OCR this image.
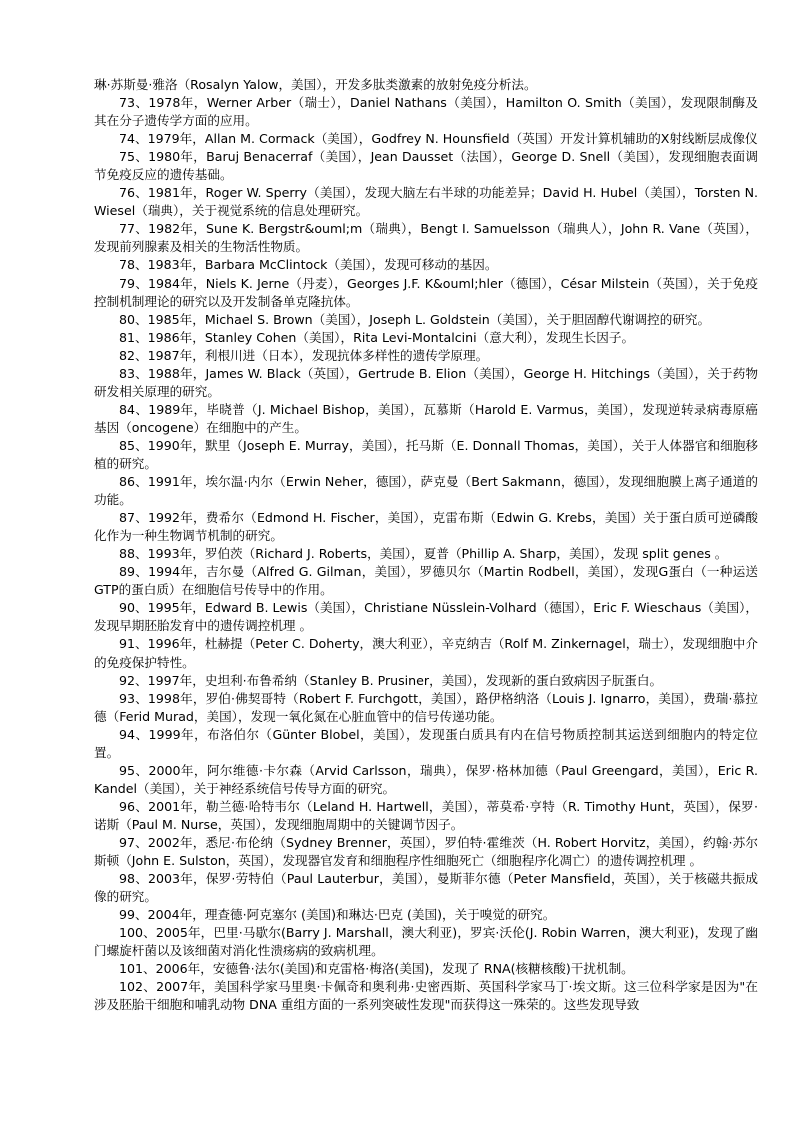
琳·苏斯曼·雅洛（Rosalyn Yalow，美国），开发多肽类激素的放射免疫分析法。

73、1978年，Werner Arber（瑞士），Daniel Nathans（美国），Hamilton O. Smith（美国），发现限制酶及其在分子遗传学方面的应用。

74、1979年，Allan M. Cormack（美国），Godfrey N. Hounsfield（英国）开发计算机辅助的X射线断层成像仪

75、1980年，Baruj Benacerraf（美国），Jean Dausset（法国），George D. Snell（美国），发现细胞表面调节免疫反应的遗传基础。

76、1981年，Roger W. Sperry（美国），发现大脑左右半球的功能差异；David H. Hubel（美国），Torsten N. Wiesel（瑞典），关于视觉系统的信息处理研究。

77、1982年，Sune K. Bergstr&ouml;m（瑞典），Bengt I. Samuelsson（瑞典人），John R. Vane（英国），发现前列腺素及相关的生物活性物质。

78、1983年，Barbara McClintock（美国），发现可移动的基因。

79、1984年，Niels K. Jerne（丹麦），Georges J.F. K&ouml;hler（德国），César Milstein（英国），关于免疫控制机制理论的研究以及开发制备单克隆抗体。

80、1985年，Michael S. Brown（美国），Joseph L. Goldstein（美国），关于胆固醇代谢调控的研究。

81、1986年，Stanley Cohen（美国），Rita Levi-Montalcini（意大利），发现生长因子。

82、1987年，利根川进（日本），发现抗体多样性的遗传学原理。

83、1988年，James W. Black（英国），Gertrude B. Elion（美国），George H. Hitchings（美国），关于药物研发相关原理的研究。

84、1989年，毕晓普（J. Michael Bishop，美国），瓦慕斯（Harold E. Varmus，美国），发现逆转录病毒原癌基因（oncogene）在细胞中的产生。

85、1990年，默里（Joseph E. Murray，美国），托马斯（E. Donnall Thomas，美国），关于人体器官和细胞移植的研究。

86、1991年，埃尔温·内尔（Erwin Neher，德国），萨克曼（Bert Sakmann，德国），发现细胞膜上离子通道的功能。

87、1992年，费希尔（Edmond H. Fischer，美国），克雷布斯（Edwin G. Krebs，美国）关于蛋白质可逆磷酸化作为一种生物调节机制的研究。

88、1993年，罗伯茨（Richard J. Roberts，美国），夏普（Phillip A. Sharp，美国），发现 split genes 。

89、1994年，吉尔曼（Alfred G. Gilman，美国），罗德贝尔（Martin Rodbell，美国），发现G蛋白（一种运送GTP的蛋白质）在细胞信号传导中的作用。

90、1995年，Edward B. Lewis（美国），Christiane Nüsslein-Volhard（德国），Eric F. Wieschaus（美国），发现早期胚胎发育中的遗传调控机理 。

91、1996年，杜赫提（Peter C. Doherty，澳大利亚），辛克纳吉（Rolf M. Zinkernagel，瑞士），发现细胞中介的免疫保护特性。

92、1997年，史坦利·布鲁希纳（Stanley B. Prusiner，美国），发现新的蛋白致病因子朊蛋白。

93、1998年，罗伯·佛契哥特（Robert F. Furchgott，美国），路伊格纳洛（Louis J. Ignarro，美国），费瑞·慕拉德（Ferid Murad，美国），发现一氧化氮在心脏血管中的信号传递功能。

94、1999年，布洛伯尔（Günter Blobel，美国），发现蛋白质具有内在信号物质控制其运送到细胞内的特定位置。

95、2000年，阿尔维德·卡尔森（Arvid Carlsson，瑞典），保罗·格林加德（Paul Greengard，美国），Eric R. Kandel（美国），关于神经系统信号传导方面的研究。

96、2001年，勒兰德·哈特韦尔（Leland H. Hartwell，美国），蒂莫希·亨特（R. Timothy Hunt，英国），保罗·诺斯（Paul M. Nurse，英国），发现细胞周期中的关键调节因子。

97、2002年，悉尼·布伦纳（Sydney Brenner，英国），罗伯特·霍维茨（H. Robert Horvitz，美国），约翰·苏尔斯顿（John E. Sulston，英国），发现器官发育和细胞程序性细胞死亡（细胞程序化凋亡）的遗传调控机理 。

98、2003年，保罗·劳特伯（Paul Lauterbur，美国），曼斯菲尔德（Peter Mansfield，英国），关于核磁共振成像的研究。

99、2004年，理查德·阿克塞尔 (美国)和琳达·巴克 (美国)，关于嗅觉的研究。

100、2005年，巴里·马歇尔(Barry J. Marshall，澳大利亚)，罗宾·沃伦(J. Robin Warren，澳大利亚)，发现了幽门螺旋杆菌以及该细菌对消化性溃疡病的致病机理。

101、2006年，安德鲁·法尔(美国)和克雷格·梅洛(美国)，发现了 RNA(核糖核酸)干扰机制。

102、2007年，美国科学家马里奥·卡佩奇和奥利弗·史密西斯、英国科学家马丁·埃文斯。这三位科学家是因为"在涉及胚胎干细胞和哺乳动物 DNA 重组方面的一系列突破性发现"而获得这一殊荣的。这些发现导致
